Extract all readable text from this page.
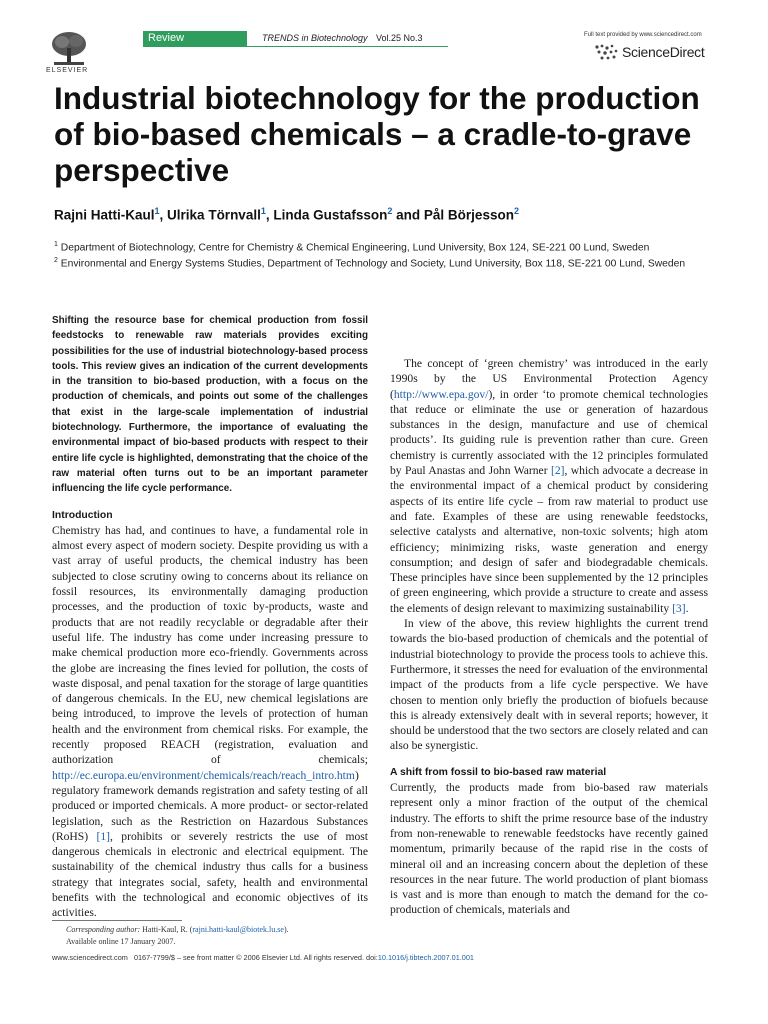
ELSEVIER
Review	TRENDS in Biotechnology Vol.25 No.3	Full text provided by www.sciencedirect.com
ScienceDirect
Industrial biotechnology for the production of bio-based chemicals – a cradle-to-grave perspective
Rajni Hatti-Kaul$^1$, Ulrika Törnvall$^1$, Linda Gustafsson$^2$ and Pål Börjesson$^2$
$^1$ Department of Biotechnology, Centre for Chemistry & Chemical Engineering, Lund University, Box 124, SE-221 00 Lund, Sweden
$^2$ Environmental and Energy Systems Studies, Department of Technology and Society, Lund University, Box 118, SE-221 00 Lund, Sweden
Shifting the resource base for chemical production from fossil feedstocks to renewable raw materials provides exciting possibilities for the use of industrial biotechnology-based process tools. This review gives an indication of the current developments in the transition to bio-based production, with a focus on the production of chemicals, and points out some of the challenges that exist in the large-scale implementation of industrial biotechnology. Furthermore, the importance of evaluating the environmental impact of bio-based products with respect to their entire life cycle is highlighted, demonstrating that the choice of the raw material often turns out to be an important parameter influencing the life cycle performance.
Introduction

Chemistry has had, and continues to have, a fundamental role in almost every aspect of modern society. Despite providing us with a vast array of useful products, the chemical industry has been subjected to close scrutiny owing to concerns about its reliance on fossil resources, its environmentally damaging production processes, and the production of toxic by-products, waste and products that are not readily recyclable or degradable after their useful life. The industry has come under increasing pressure to make chemical production more eco-friendly. Governments across the globe are increasing the fines levied for pollution, the costs of waste disposal, and penal taxation for the storage of large quantities of dangerous chemicals. In the EU, new chemical legislations are being introduced, to improve the levels of protection of human health and the environment from chemical risks. For example, the recently proposed REACH (registration, evaluation and authorization of chemicals; http://ec.europa.eu/environment/chemicals/reach/reach_intro.htm) regulatory framework demands registration and safety testing of all produced or imported chemicals. A more product- or sector-related legislation, such as the Restriction on Hazardous Substances (RoHS) [1], prohibits or severely restricts the use of most dangerous chemicals in electronic and electrical equipment. The sustainability of the chemical industry thus calls for a business strategy that integrates social, safety, health and environmental benefits with the technological and economic objectives of its activities.

The concept of ‘green chemistry’ was introduced in the early 1990s by the US Environmental Protection Agency (http://www.epa.gov/), in order ‘to promote chemical technologies that reduce or eliminate the use or generation of hazardous substances in the design, manufacture and use of chemical products’. Its guiding rule is prevention rather than cure. Green chemistry is currently associated with the 12 principles formulated by Paul Anastas and John Warner [2], which advocate a decrease in the environmental impact of a chemical product by considering aspects of its entire life cycle – from raw material to product use and fate. Examples of these are using renewable feedstocks, selective catalysts and alternative, non-toxic solvents; high atom efficiency; minimizing risks, waste generation and energy consumption; and design of safer and biodegradable chemicals. These principles have since been supplemented by the 12 principles of green engineering, which provide a structure to create and assess the elements of design relevant to maximizing sustainability [3].

In view of the above, this review highlights the current trend towards the bio-based production of chemicals and the potential of industrial biotechnology to provide the process tools to achieve this. Furthermore, it stresses the need for evaluation of the environmental impact of the products from a life cycle perspective. We have chosen to mention only briefly the production of biofuels because this is already extensively dealt with in several reports; however, it should be understood that the two sectors are closely related and can also be synergistic.

A shift from fossil to bio-based raw material

Currently, the products made from bio-based raw materials represent only a minor fraction of the output of the chemical industry. The efforts to shift the prime resource base of the industry from non-renewable to renewable feedstocks have recently gained momentum, primarily because of the rapid rise in the costs of mineral oil and an increasing concern about the depletion of these resources in the near future. The world production of plant biomass is vast and is more than enough to match the demand for the co-production of chemicals, materials and

Corresponding author: Hatti-Kaul, R. (rajni.hatti-kaul@biotek.lu.se).
Available online 17 January 2007.
www.sciencedirect.com 0167-7799/$ – see front matter © 2006 Elsevier Ltd. All rights reserved. doi:10.1016/j.tibtech.2007.01.001
